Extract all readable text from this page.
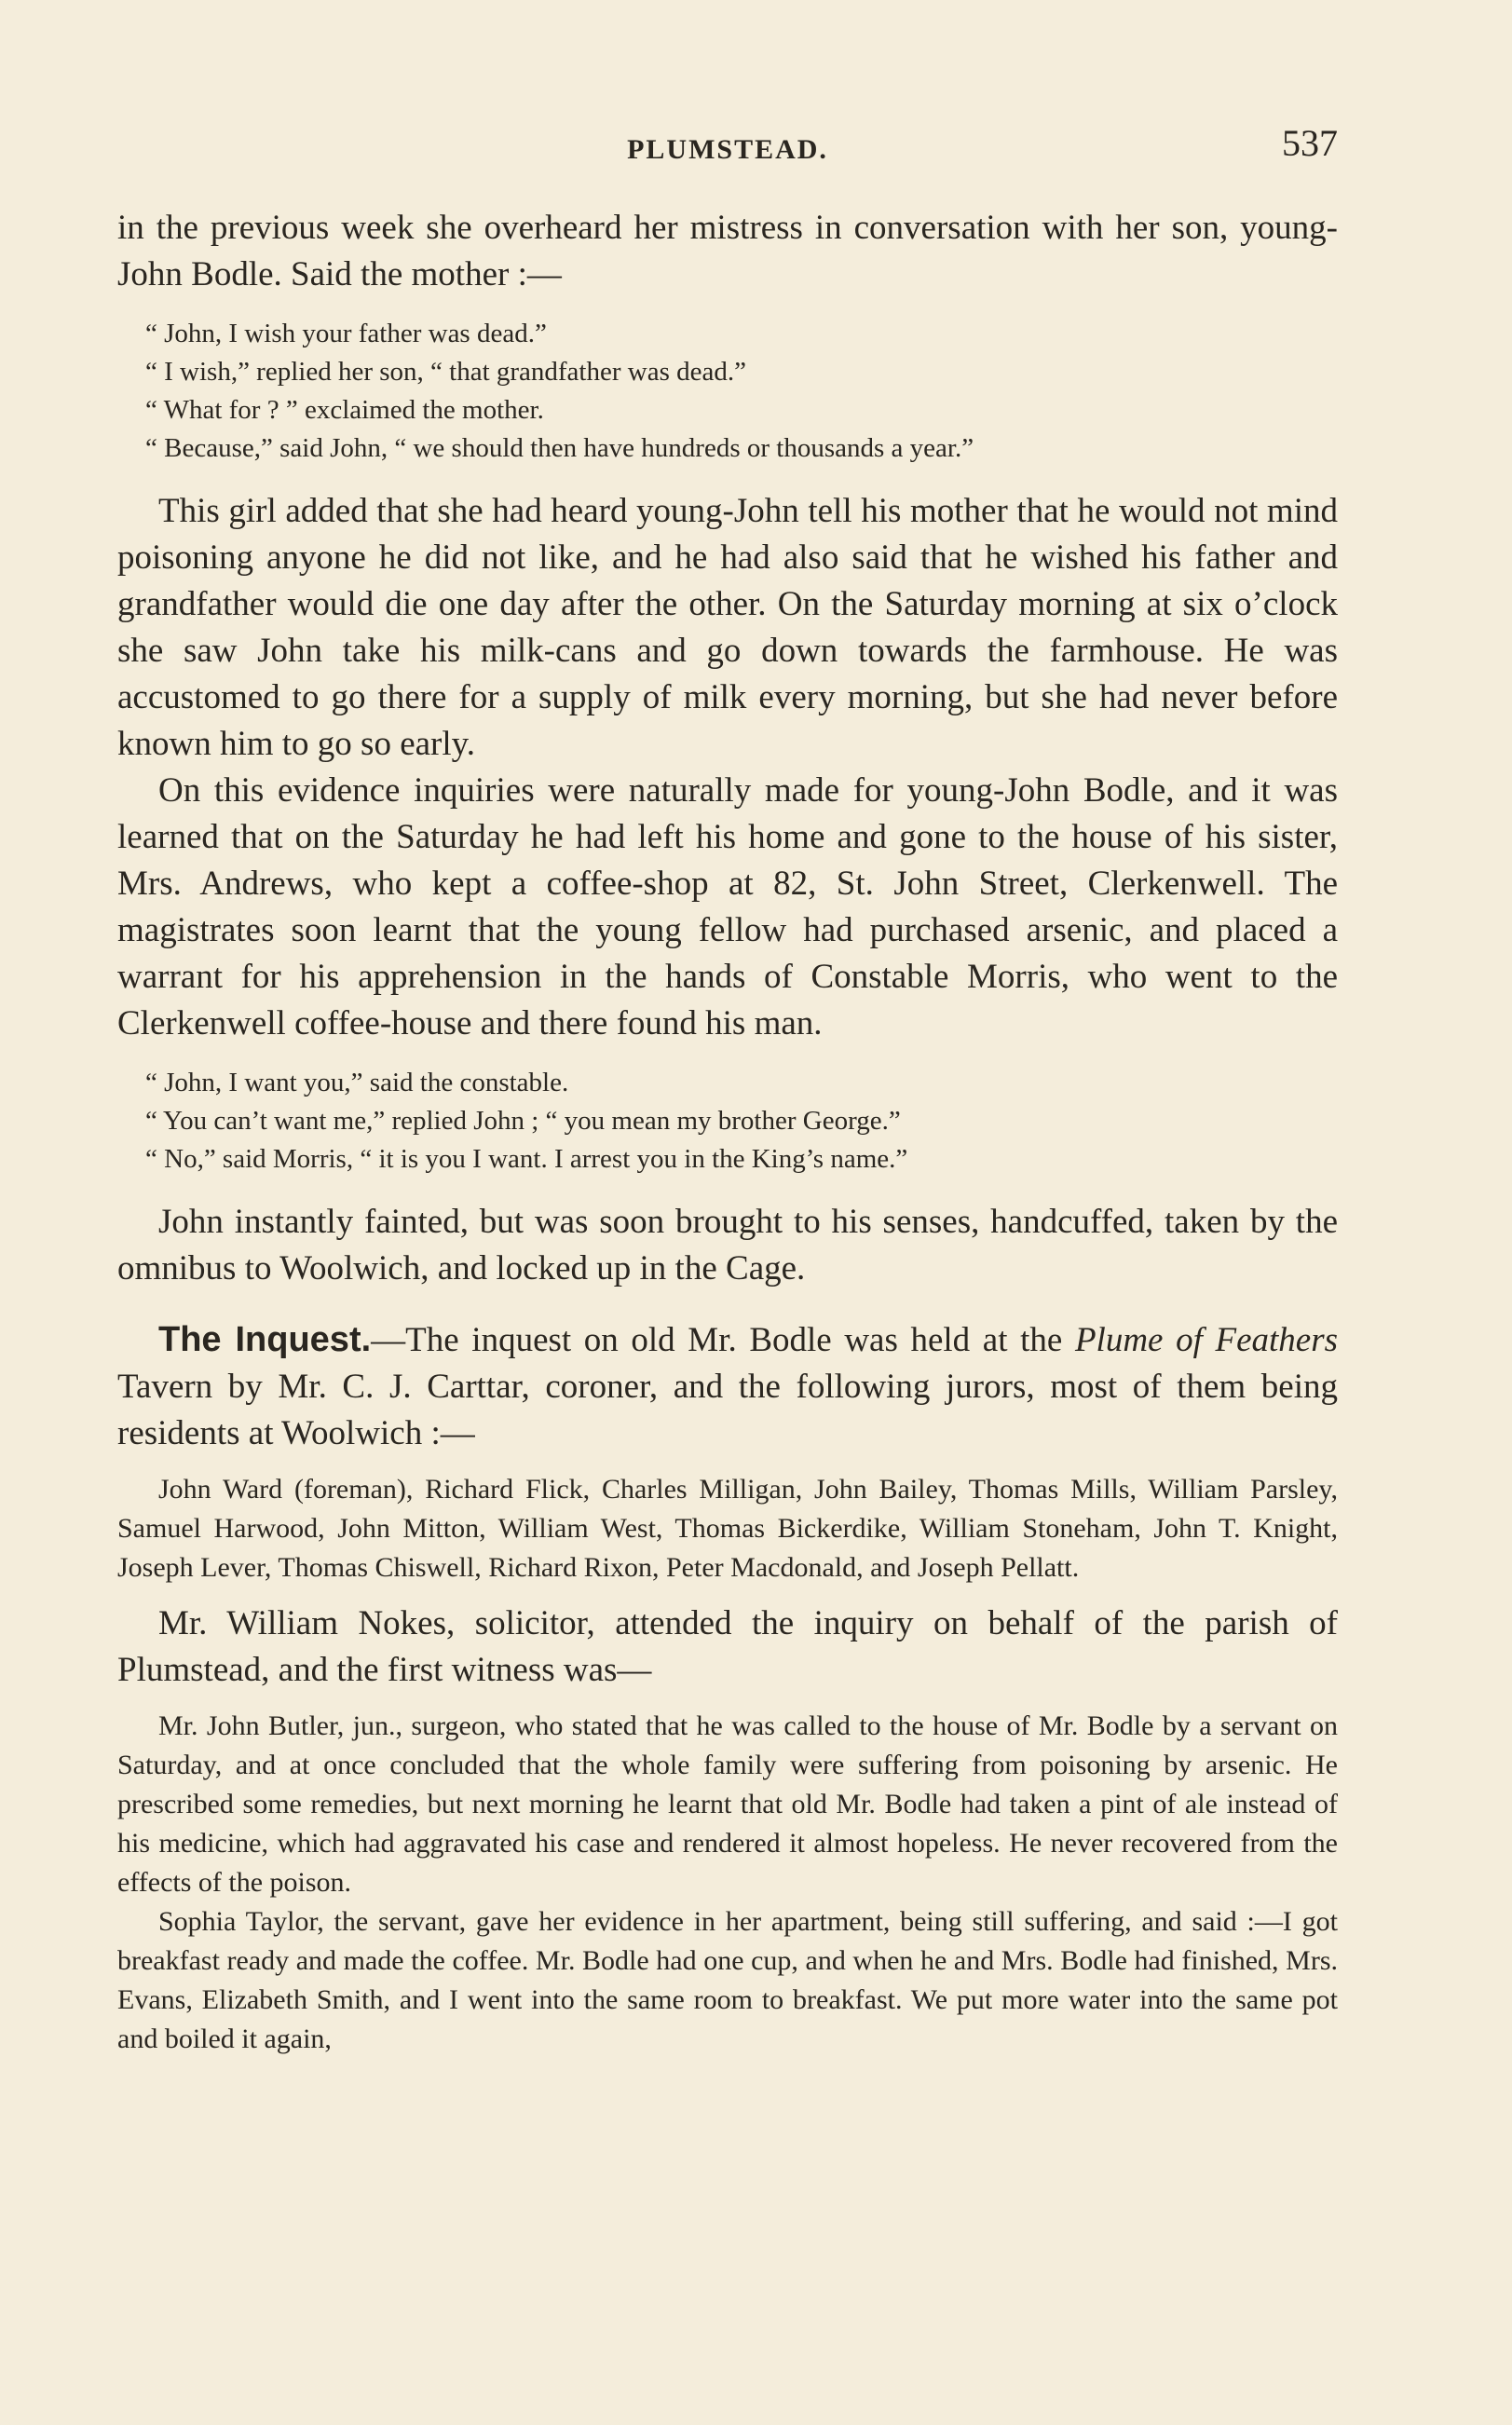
PLUMSTEAD.	537

in the previous week she overheard her mistress in conversation with her son, young-John Bodle. Said the mother :—

“ John, I wish your father was dead.”

“ I wish,” replied her son, “ that grandfather was dead.”

“ What for ? ” exclaimed the mother.

“ Because,” said John, “ we should then have hundreds or thousands a year.”

This girl added that she had heard young-John tell his mother that he would not mind poisoning anyone he did not like, and he had also said that he wished his father and grandfather would die one day after the other. On the Saturday morning at six o’clock she saw John take his milk-cans and go down towards the farmhouse. He was accustomed to go there for a supply of milk every morning, but she had never before known him to go so early.

On this evidence inquiries were naturally made for young-John Bodle, and it was learned that on the Saturday he had left his home and gone to the house of his sister, Mrs. Andrews, who kept a coffee-shop at 82, St. John Street, Clerkenwell. The magistrates soon learnt that the young fellow had purchased arsenic, and placed a warrant for his apprehension in the hands of Constable Morris, who went to the Clerkenwell coffee-house and there found his man.

“ John, I want you,” said the constable.

“ You can’t want me,” replied John ; “ you mean my brother George.”

“ No,” said Morris, “ it is you I want. I arrest you in the King’s name.”

John instantly fainted, but was soon brought to his senses, handcuffed, taken by the omnibus to Woolwich, and locked up in the Cage.

The Inquest.—The inquest on old Mr. Bodle was held at the Plume of Feathers Tavern by Mr. C. J. Carttar, coroner, and the following jurors, most of them being residents at Woolwich :—

John Ward (foreman), Richard Flick, Charles Milligan, John Bailey, Thomas Mills, William Parsley, Samuel Harwood, John Mitton, William West, Thomas Bickerdike, William Stoneham, John T. Knight, Joseph Lever, Thomas Chiswell, Richard Rixon, Peter Macdonald, and Joseph Pellatt.

Mr. William Nokes, solicitor, attended the inquiry on behalf of the parish of Plumstead, and the first witness was—

Mr. John Butler, jun., surgeon, who stated that he was called to the house of Mr. Bodle by a servant on Saturday, and at once concluded that the whole family were suffering from poisoning by arsenic. He prescribed some remedies, but next morning he learnt that old Mr. Bodle had taken a pint of ale instead of his medicine, which had aggravated his case and rendered it almost hopeless. He never recovered from the effects of the poison.

Sophia Taylor, the servant, gave her evidence in her apartment, being still suffering, and said :—I got breakfast ready and made the coffee. Mr. Bodle had one cup, and when he and Mrs. Bodle had finished, Mrs. Evans, Elizabeth Smith, and I went into the same room to breakfast. We put more water into the same pot and boiled it again,
